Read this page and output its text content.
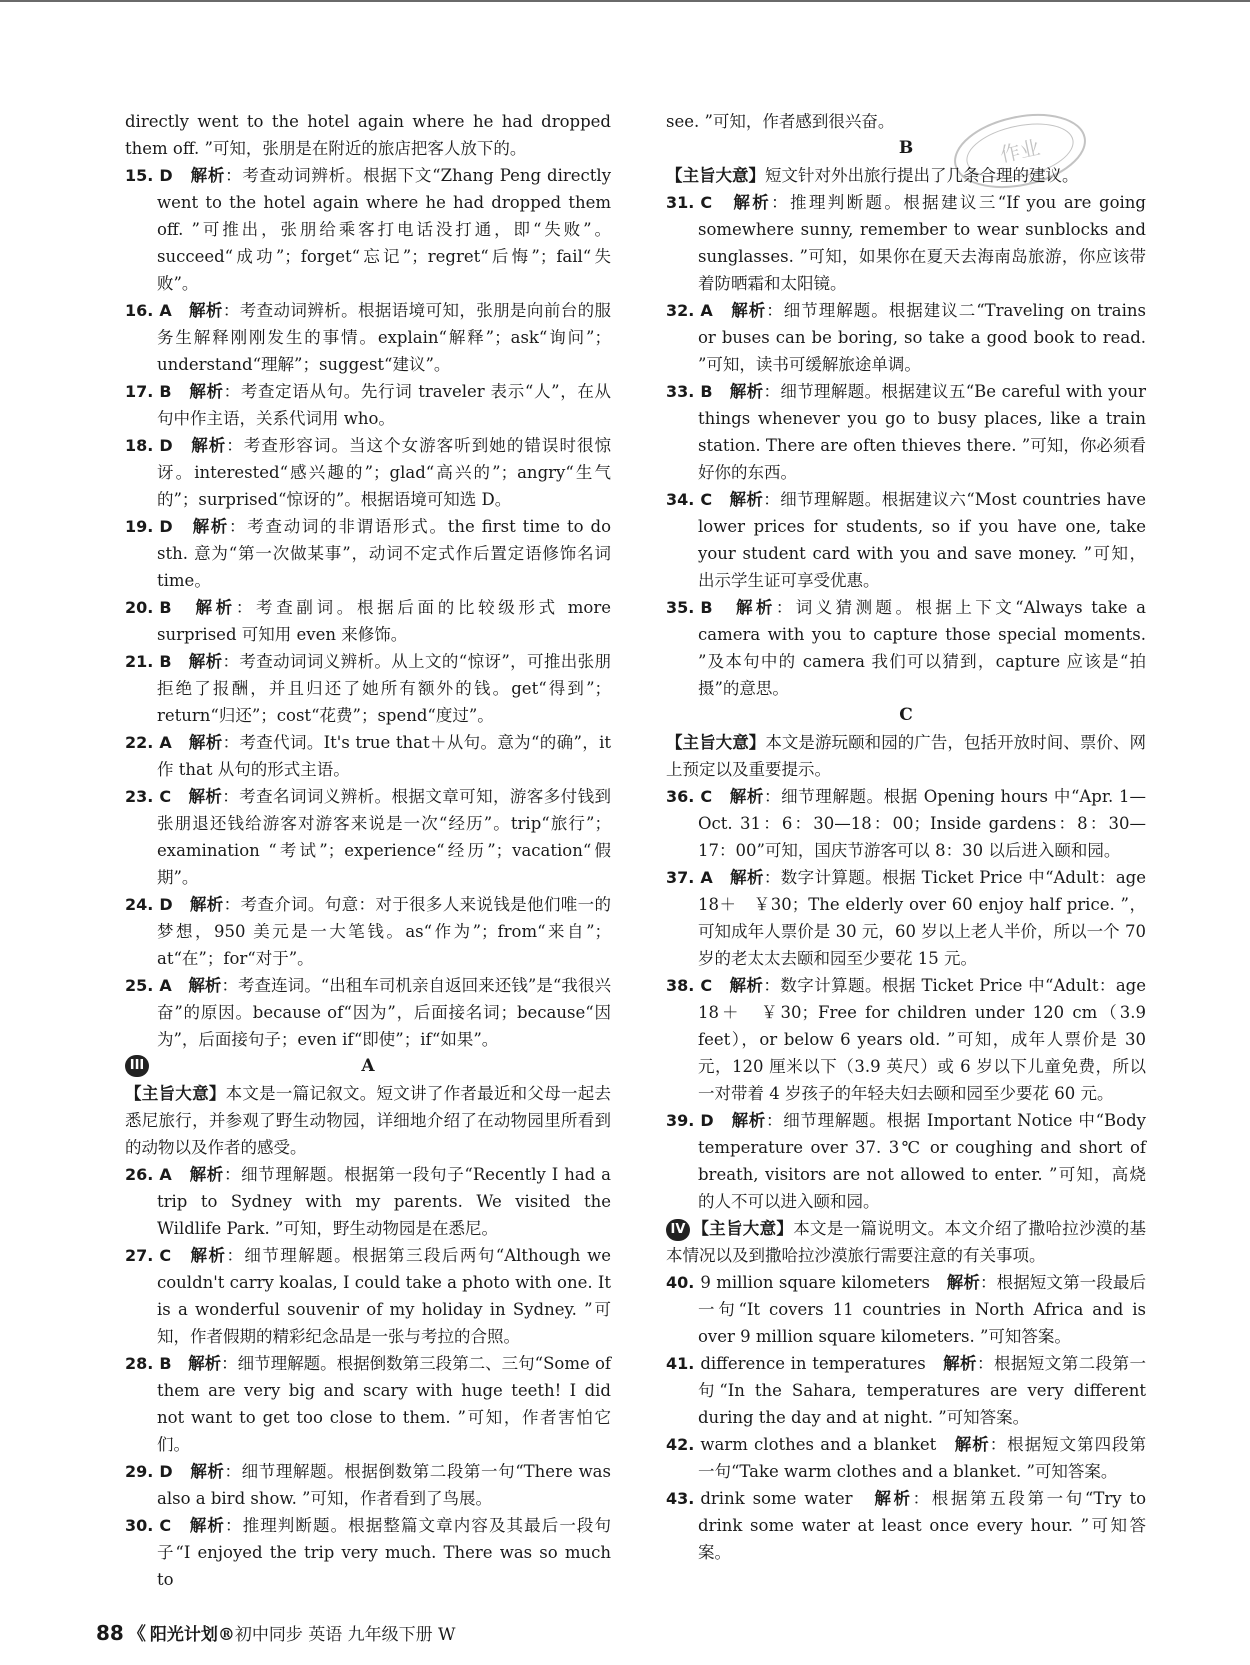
作业

directly went to the hotel again where he had dropped them off. ”可知，张朋是在附近的旅店把客人放下的。

15. D　 解析：考查动词辨析。根据下文“Zhang Peng directly went to the hotel again where he had dropped them off. ”可推出，张朋给乘客打电话没打通，即“失败”。succeed“成功”；forget“忘记”；regret“后悔”；fail“失败”。

16. A　 解析：考查动词辨析。根据语境可知，张朋是向前台的服务生解释刚刚发生的事情。explain“解释”；ask“询问”；understand“理解”；suggest“建议”。

17. B　 解析：考查定语从句。先行词 traveler 表示“人”，在从句中作主语，关系代词用 who。

18. D　 解析：考查形容词。当这个女游客听到她的错误时很惊讶。interested“感兴趣的”；glad“高兴的”；angry“生气的”；surprised“惊讶的”。根据语境可知选 D。

19. D　 解析：考查动词的非谓语形式。the first time to do sth. 意为“第一次做某事”，动词不定式作后置定语修饰名词 time。

20. B　 解析：考查副词。根据后面的比较级形式 more surprised 可知用 even 来修饰。

21. B　 解析：考查动词词义辨析。从上文的“惊讶”，可推出张朋拒绝了报酬，并且归还了她所有额外的钱。get“得到”；return“归还”；cost“花费”；spend“度过”。

22. A　 解析：考查代词。It's true that＋从句。意为“的确”，it 作 that 从句的形式主语。

23. C　 解析：考查名词词义辨析。根据文章可知，游客多付钱到张朋退还钱给游客对游客来说是一次“经历”。trip“旅行”；examination “考试”；experience“经历”；vacation“假期”。

24. D　 解析：考查介词。句意：对于很多人来说钱是他们唯一的梦想，950 美元是一大笔钱。as“作为”；from“来自”；at“在”；for“对于”。

25. A　 解析：考查连词。“出租车司机亲自返回来还钱”是“我很兴奋”的原因。because of“因为”，后面接名词；because“因为”，后面接句子；even if“即使”；if“如果”。

III	A

【主旨大意】本文是一篇记叙文。短文讲了作者最近和父母一起去悉尼旅行，并参观了野生动物园，详细地介绍了在动物园里所看到的动物以及作者的感受。

26. A　 解析：细节理解题。根据第一段句子“Recently I had a trip to Sydney with my parents. We visited the Wildlife Park. ”可知，野生动物园是在悉尼。

27. C　 解析：细节理解题。根据第三段后两句“Although we couldn't carry koalas, I could take a photo with one. It is a wonderful souvenir of my holiday in Sydney. ”可知，作者假期的精彩纪念品是一张与考拉的合照。

28. B　 解析：细节理解题。根据倒数第三段第二、三句“Some of them are very big and scary with huge teeth! I did not want to get too close to them. ”可知，作者害怕它们。

29. D　 解析：细节理解题。根据倒数第二段第一句“There was also a bird show. ”可知，作者看到了鸟展。

30. C　 解析：推理判断题。根据整篇文章内容及其最后一段句子“I enjoyed the trip very much. There was so much to

see. ”可知，作者感到很兴奋。

B

【主旨大意】短文针对外出旅行提出了几条合理的建议。

31. C　 解析：推理判断题。根据建议三“If you are going somewhere sunny, remember to wear sunblocks and sunglasses. ”可知，如果你在夏天去海南岛旅游，你应该带着防晒霜和太阳镜。

32. A　 解析：细节理解题。根据建议二“Traveling on trains or buses can be boring, so take a good book to read. ”可知，读书可缓解旅途单调。

33. B　 解析：细节理解题。根据建议五“Be careful with your things whenever you go to busy places, like a train station. There are often thieves there. ”可知，你必须看好你的东西。

34. C　 解析：细节理解题。根据建议六“Most countries have lower prices for students, so if you have one, take your student card with you and save money. ”可知，出示学生证可享受优惠。

35. B　 解析：词义猜测题。根据上下文“Always take a camera with you to capture those special moments. ”及本句中的 camera 我们可以猜到，capture 应该是“拍摄”的意思。

C

【主旨大意】本文是游玩颐和园的广告，包括开放时间、票价、网上预定以及重要提示。

36. C　 解析：细节理解题。根据 Opening hours 中“Apr. 1—Oct. 31：6：30—18：00；Inside gardens：8：30—17：00”可知，国庆节游客可以 8：30 以后进入颐和园。

37. A　 解析：数字计算题。根据 Ticket Price 中“Adult：age 18＋　￥30；The elderly over 60 enjoy half price. ”，可知成年人票价是 30 元，60 岁以上老人半价，所以一个 70 岁的老太太去颐和园至少要花 15 元。

38. C　 解析：数字计算题。根据 Ticket Price 中“Adult：age 18＋　￥30；Free for children under 120 cm（3.9 feet），or below 6 years old. ”可知，成年人票价是 30 元，120 厘米以下（3.9 英尺）或 6 岁以下儿童免费，所以一对带着 4 岁孩子的年轻夫妇去颐和园至少要花 60 元。

39. D　 解析：细节理解题。根据 Important Notice 中“Body temperature over 37. 3℃ or coughing and short of breath, visitors are not allowed to enter. ”可知，高烧的人不可以进入颐和园。

IV 【主旨大意】本文是一篇说明文。本文介绍了撒哈拉沙漠的基本情况以及到撒哈拉沙漠旅行需要注意的有关事项。

40. 9 million square kilometers　 解析：根据短文第一段最后一句“It covers 11 countries in North Africa and is over 9 million square kilometers. ”可知答案。

41. difference in temperatures　 解析：根据短文第二段第一句“In the Sahara, temperatures are very different during the day and at night. ”可知答案。

42. warm clothes and a blanket　 解析：根据短文第四段第一句“Take warm clothes and a blanket. ”可知答案。

43. drink some water　 解析：根据第五段第一句“Try to drink some water at least once every hour. ”可知答案。

88 《 阳光计划®初中同步 英语 九年级下册 W
